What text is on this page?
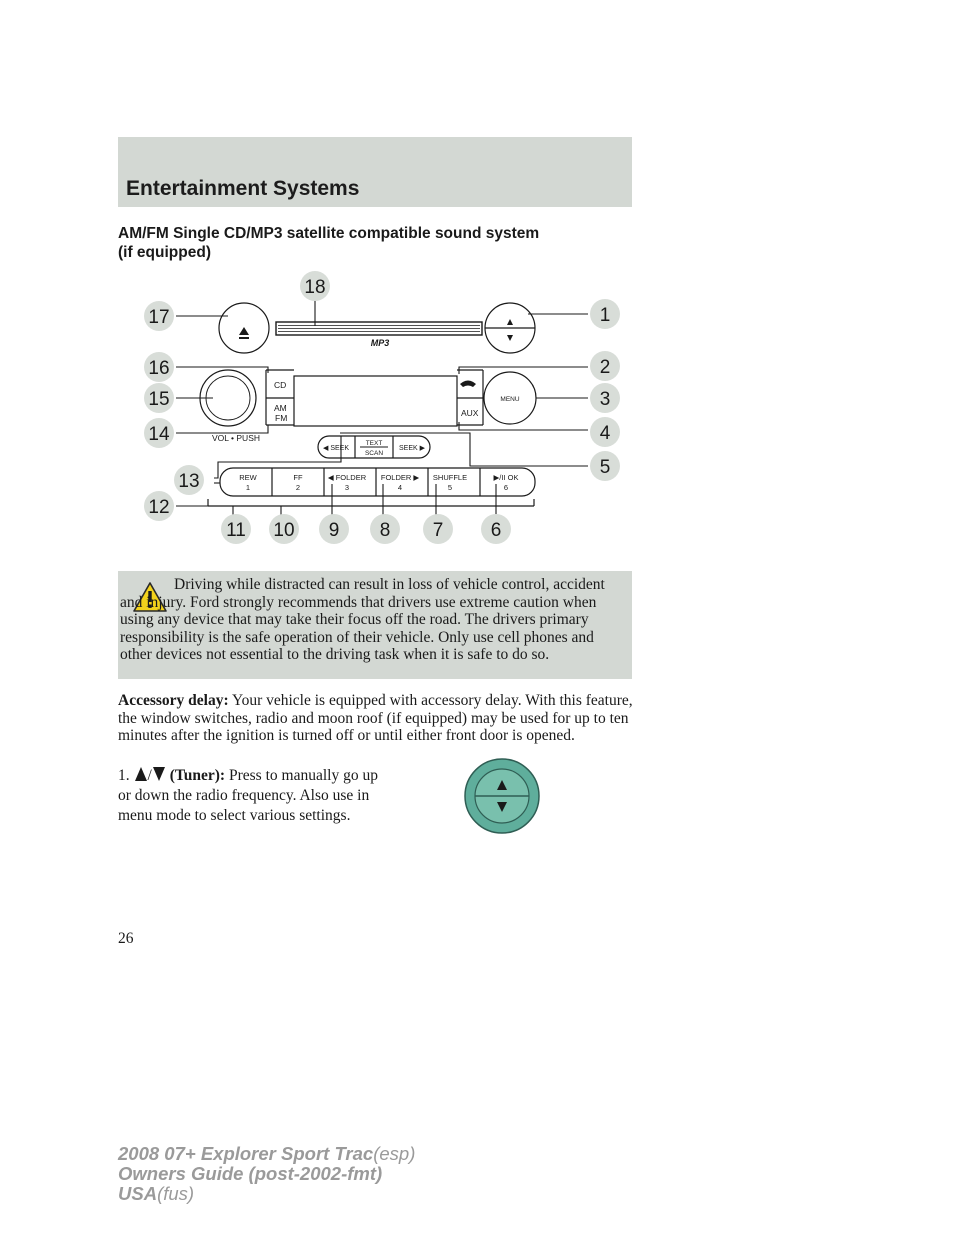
Entertainment Systems
AM/FM Single CD/MP3 satellite compatible sound system
(if equipped)
1
2
3
4
5
6
7
8
9
10
11
12
13
14
15
16
17
18
MP3
CD
AM
FM	AUX
MENU
VOL • PUSH
◀ SEEK	SEEK ▶
TEXT
SCAN
REW
1
FF
2
◀ FOLDER
3
FOLDER ▶
4
SHUFFLE
5
▶/II OK
6

Driving while distracted can result in loss of vehicle control, accident and injury. Ford strongly recommends that drivers use extreme caution when using any device that may take their focus off the road. The drivers primary responsibility is the safe operation of their vehicle. Only use cell phones and other devices not essential to the driving task when it is safe to do so.

Accessory delay: Your vehicle is equipped with accessory delay. With this feature, the window switches, radio and moon roof (if equipped) may be used for up to ten minutes after the ignition is turned off or until either front door is opened.

1. / (Tuner): Press to manually go up or down the radio frequency. Also use in menu mode to select various settings.

26
2008 07+ Explorer Sport Trac(esp)
Owners Guide (post-2002-fmt)
USA(fus)
